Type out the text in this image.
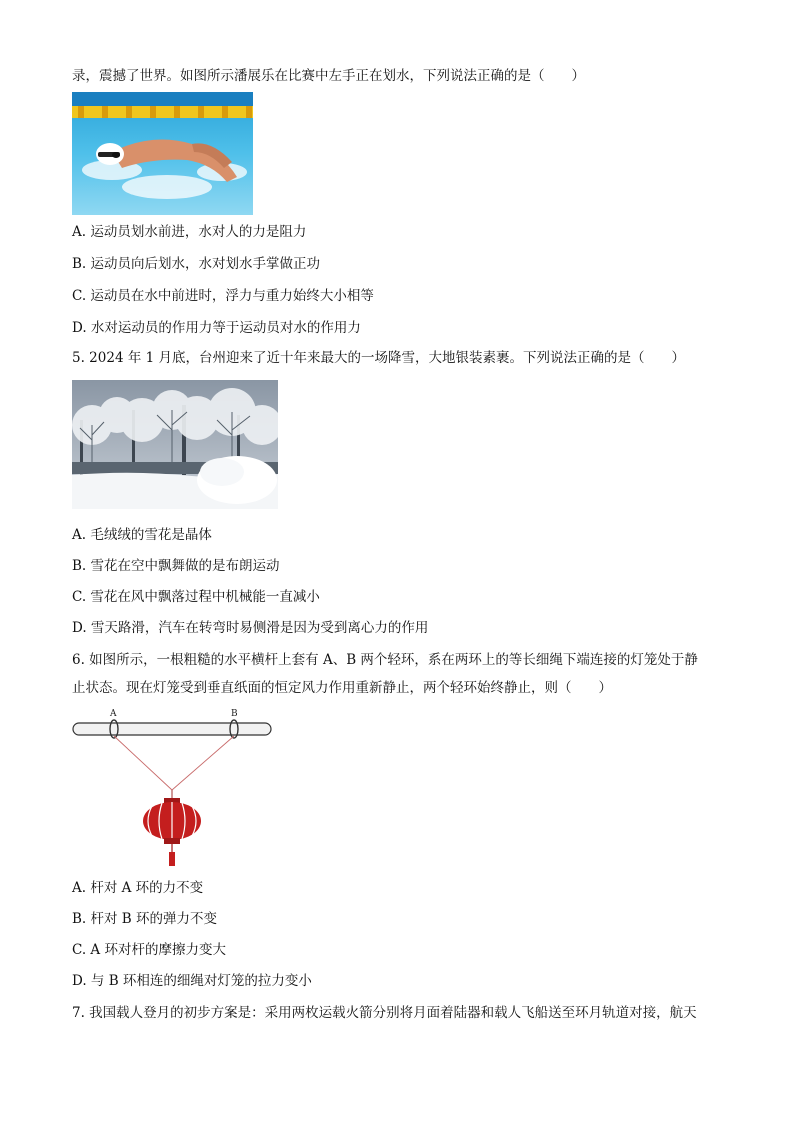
录，震撼了世界。如图所示潘展乐在比赛中左手正在划水，下列说法正确的是（　　）
A. 运动员划水前进，水对人的力是阻力
B. 运动员向后划水，水对划水手掌做正功
C. 运动员在水中前进时，浮力与重力始终大小相等
D. 水对运动员的作用力等于运动员对水的作用力
5. 2024 年 1 月底，台州迎来了近十年来最大的一场降雪，大地银装素裹。下列说法正确的是（　　）
A. 毛绒绒的雪花是晶体
B. 雪花在空中飘舞做的是布朗运动
C. 雪花在风中飘落过程中机械能一直减小
D. 雪天路滑，汽车在转弯时易侧滑是因为受到离心力的作用
6. 如图所示，一根粗糙的水平横杆上套有 A、B 两个轻环，系在两环上的等长细绳下端连接的灯笼处于静
止状态。现在灯笼受到垂直纸面的恒定风力作用重新静止，两个轻环始终静止，则（　　）
A	B
A. 杆对 A 环的力不变
B. 杆对 B 环的弹力不变
C. A 环对杆的摩擦力变大
D. 与 B 环相连的细绳对灯笼的拉力变小
7. 我国载人登月的初步方案是：采用两枚运载火箭分别将月面着陆器和载人飞船送至环月轨道对接，航天
